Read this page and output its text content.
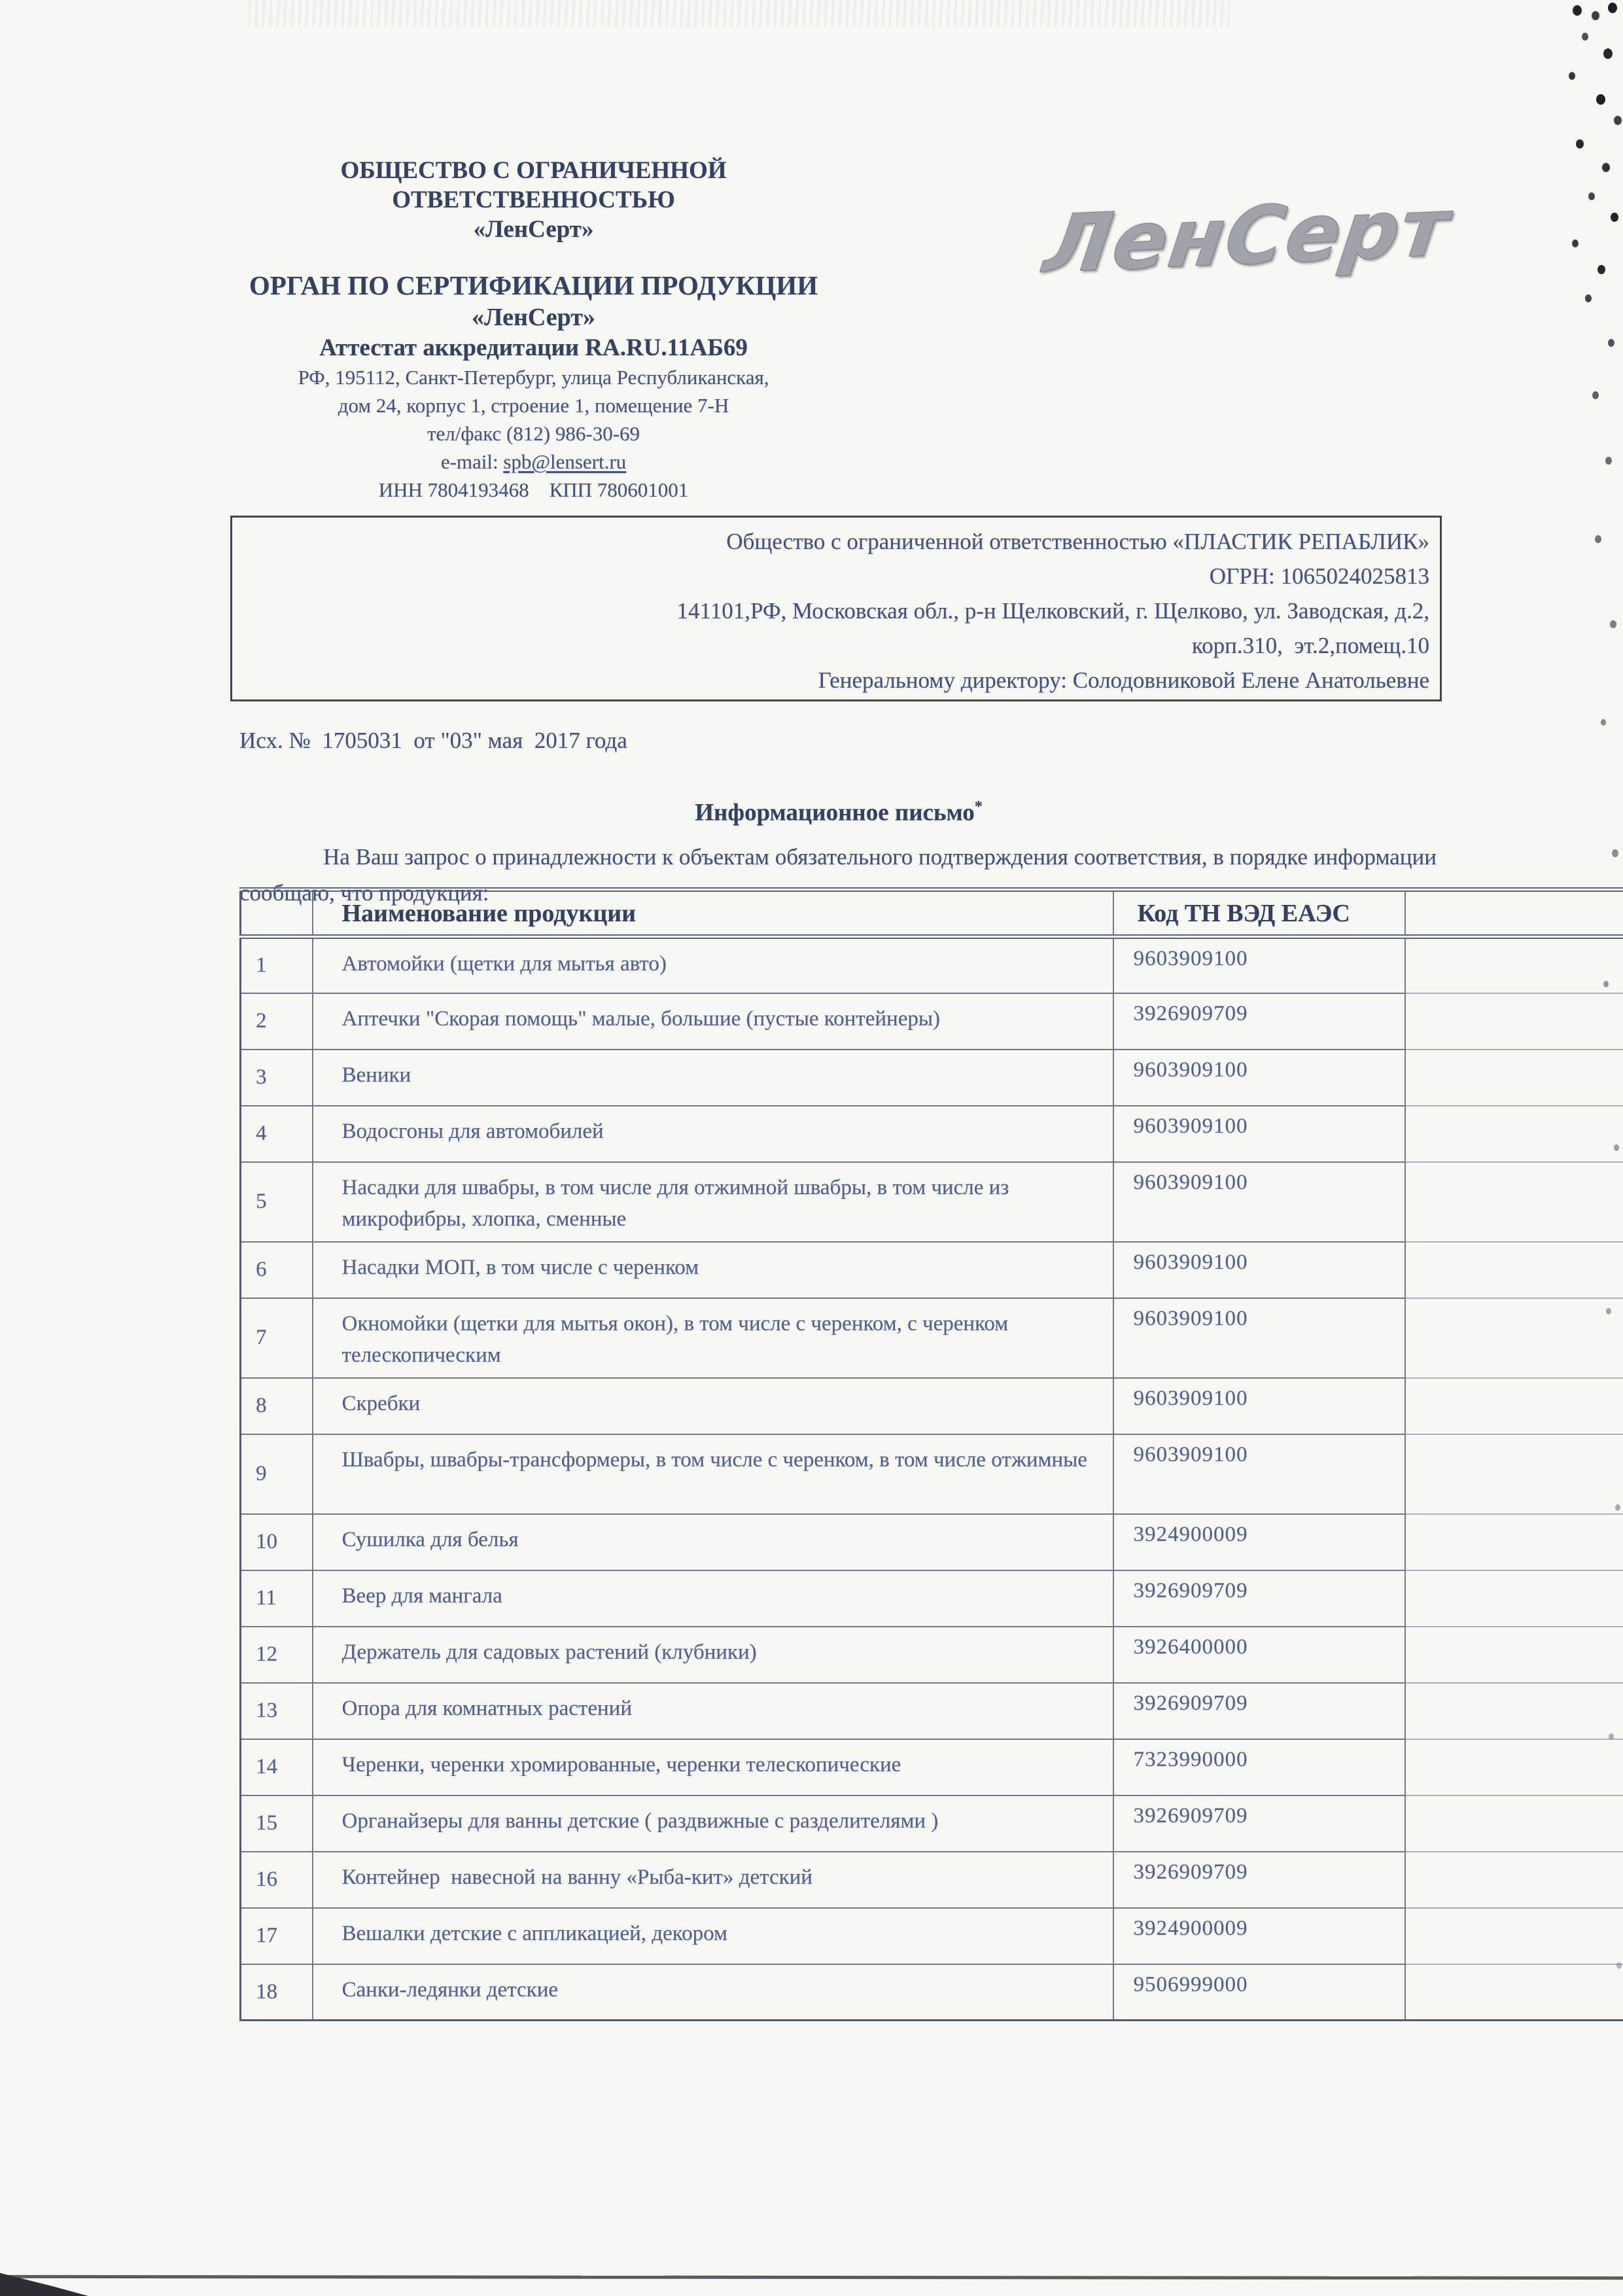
ОБЩЕСТВО С ОГРАНИЧЕННОЙ
ОТВЕТСТВЕННОСТЬЮ
«ЛенСерт»
ОРГАН ПО СЕРТИФИКАЦИИ ПРОДУКЦИИ
«ЛенСерт»
Аттестат аккредитации RA.RU.11АБ69
РФ, 195112, Санкт-Петербург, улица Республиканская,
дом 24, корпус 1, строение 1, помещение 7-Н
тел/факс (812) 986-30-69
e-mail: spb@lensert.ru
ИНН 7804193468    КПП 780601001
ЛенСерт
Общество с ограниченной ответственностью «ПЛАСТИК РЕПАБЛИК»
ОГРН: 1065024025813
141101,РФ, Московская обл., р-н Щелковский, г. Щелково, ул. Заводская, д.2,
корп.310,  эт.2,помещ.10
Генеральному директору: Солодовниковой Елене Анатольевне
Исх. №  1705031  от "03" мая  2017 года
Информационное письмо*
На Ваш запрос о принадлежности к объектам обязательного подтверждения соответствия, в порядке информации сообщаю, что продукция:
	Наименование продукции	Код ТН ВЭД ЕАЭС	
1	Автомойки (щетки для мытья авто)	9603909100	
2	Аптечки "Скорая помощь" малые, большие (пустые контейнеры)	3926909709	
3	Веники	9603909100	
4	Водосгоны для автомобилей	9603909100	
5	Насадки для швабры, в том числе для отжимной швабры, в том числе из микрофибры, хлопка, сменные	9603909100	
6	Насадки МОП, в том числе с черенком	9603909100	
7	Окномойки (щетки для мытья окон), в том числе с черенком, с черенком телескопическим	9603909100	
8	Скребки	9603909100	
9	Швабры, швабры-трансформеры, в том числе с черенком, в том числе отжимные	9603909100	
10	Сушилка для белья	3924900009	
11	Веер для мангала	3926909709	
12	Держатель для садовых растений (клубники)	3926400000	
13	Опора для комнатных растений	3926909709	
14	Черенки, черенки хромированные, черенки телескопические	7323990000	
15	Органайзеры для ванны детские ( раздвижные с разделителями )	3926909709	
16	Контейнер  навесной на ванну «Рыба-кит» детский	3926909709	
17	Вешалки детские с аппликацией, декором	3924900009	
18	Санки-ледянки детские	9506999000	
